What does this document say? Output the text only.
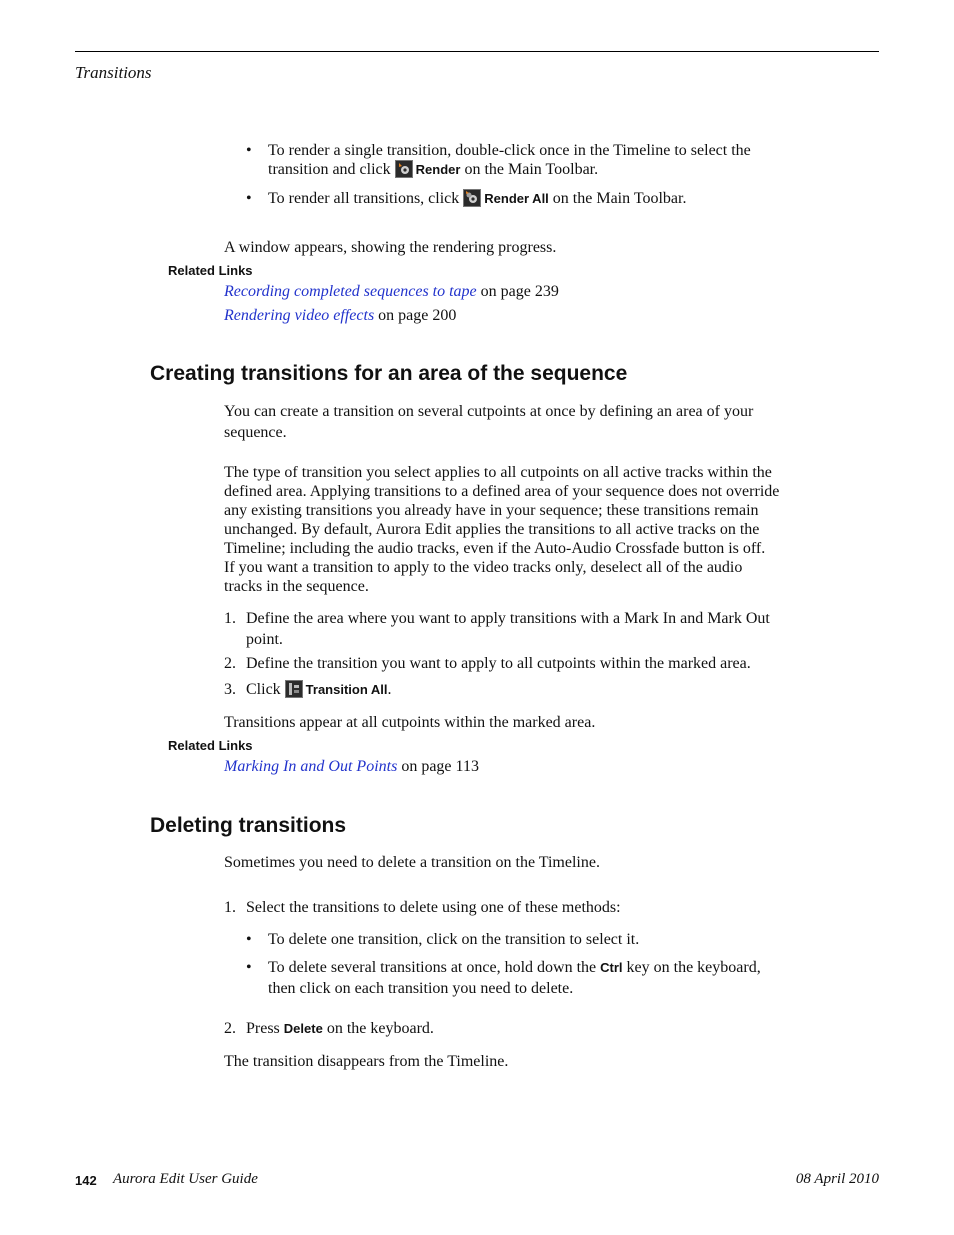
Transitions
• To render a single transition, double-click once in the Timeline to select the
transition and click
Render on the Main Toolbar.
• To render all transitions, click
Render All on the Main Toolbar.
A window appears, showing the rendering progress.
Related Links
Recording completed sequences to tape on page 239
Rendering video effects on page 200
Creating transitions for an area of the sequence
You can create a transition on several cutpoints at once by defining an area of your
sequence.
The type of transition you select applies to all cutpoints on all active tracks within the
defined area. Applying transitions to a defined area of your sequence does not override
any existing transitions you already have in your sequence; these transitions remain
unchanged. By default, Aurora Edit applies the transitions to all active tracks on the
Timeline; including the audio tracks, even if the Auto-Audio Crossfade button is off.
If you want a transition to apply to the video tracks only, deselect all of the audio
tracks in the sequence.
1. Define the area where you want to apply transitions with a Mark In and Mark Out
point.
2. Define the transition you want to apply to all cutpoints within the marked area.
3. Click
Transition All.
Transitions appear at all cutpoints within the marked area.
Related Links
Marking In and Out Points on page 113
Deleting transitions
Sometimes you need to delete a transition on the Timeline.
1. Select the transitions to delete using one of these methods:
• To delete one transition, click on the transition to select it.
• To delete several transitions at once, hold down the Ctrl key on the keyboard,
then click on each transition you need to delete.
2. Press Delete on the keyboard.
The transition disappears from the Timeline.
142 Aurora Edit User Guide	08 April 2010
